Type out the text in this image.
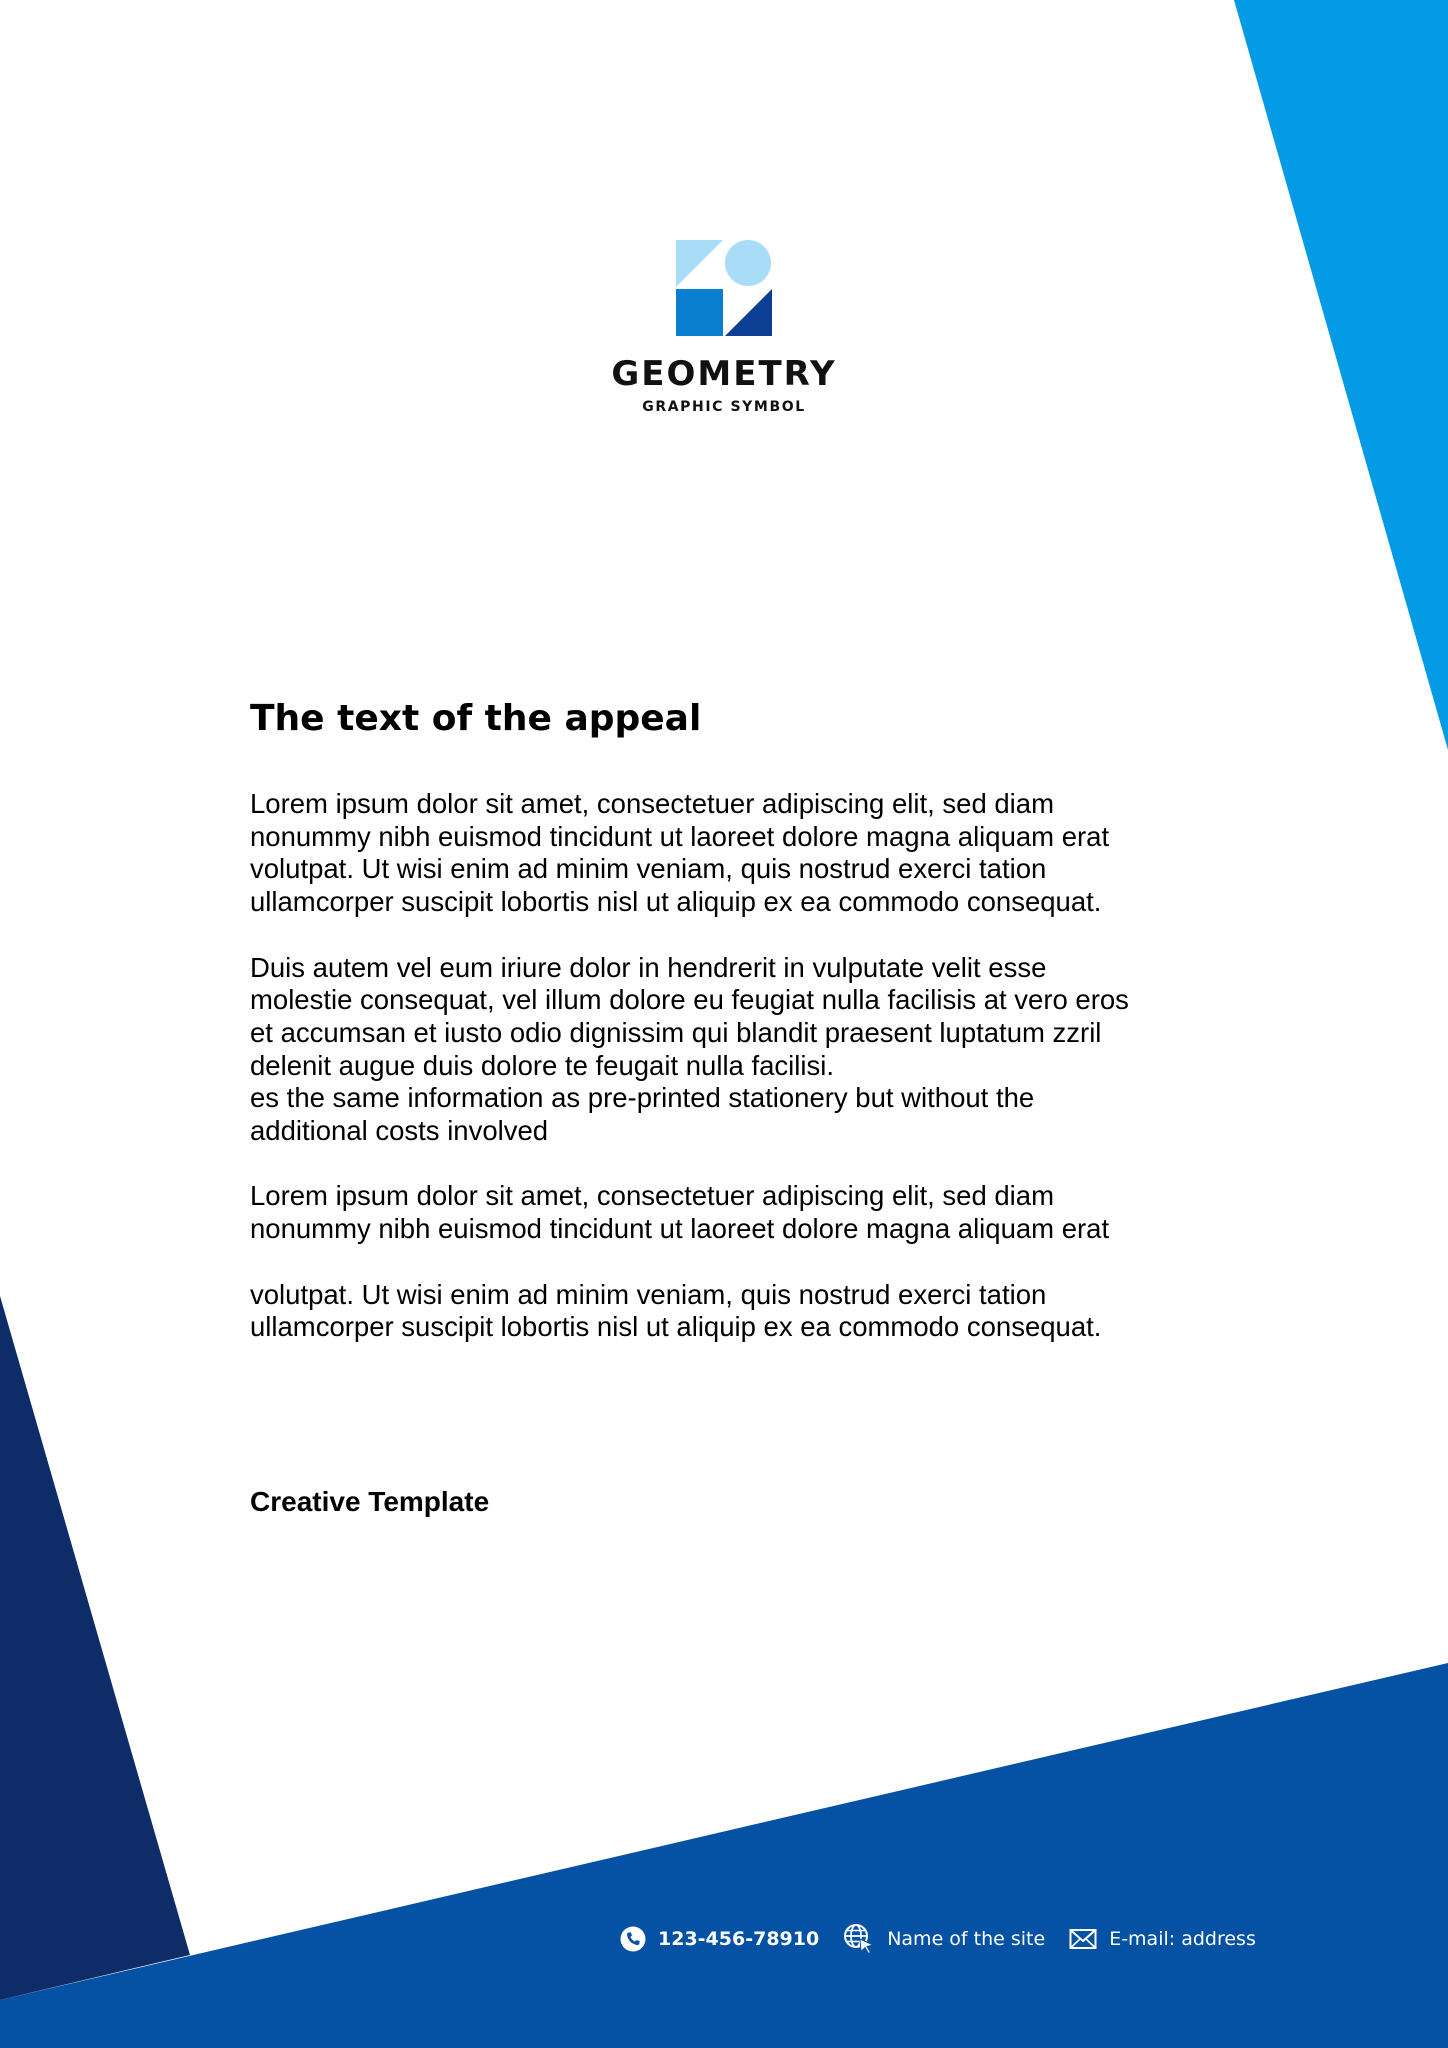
GEOMETRY
GRAPHIC SYMBOL
The text of the appeal

Lorem ipsum dolor sit amet, consectetuer adipiscing elit, sed diam
nonummy nibh euismod tincidunt ut laoreet dolore magna aliquam erat
volutpat. Ut wisi enim ad minim veniam, quis nostrud exerci tation
ullamcorper suscipit lobortis nisl ut aliquip ex ea commodo consequat.

Duis autem vel eum iriure dolor in hendrerit in vulputate velit esse
molestie consequat, vel illum dolore eu feugiat nulla facilisis at vero eros
et accumsan et iusto odio dignissim qui blandit praesent luptatum zzril
delenit augue duis dolore te feugait nulla facilisi.
es the same information as pre-printed stationery but without the
additional costs involved

Lorem ipsum dolor sit amet, consectetuer adipiscing elit, sed diam
nonummy nibh euismod tincidunt ut laoreet dolore magna aliquam erat

volutpat. Ut wisi enim ad minim veniam, quis nostrud exerci tation
ullamcorper suscipit lobortis nisl ut aliquip ex ea commodo consequat.

Creative Template
123-456-78910	Name of the site	E-mail: address
